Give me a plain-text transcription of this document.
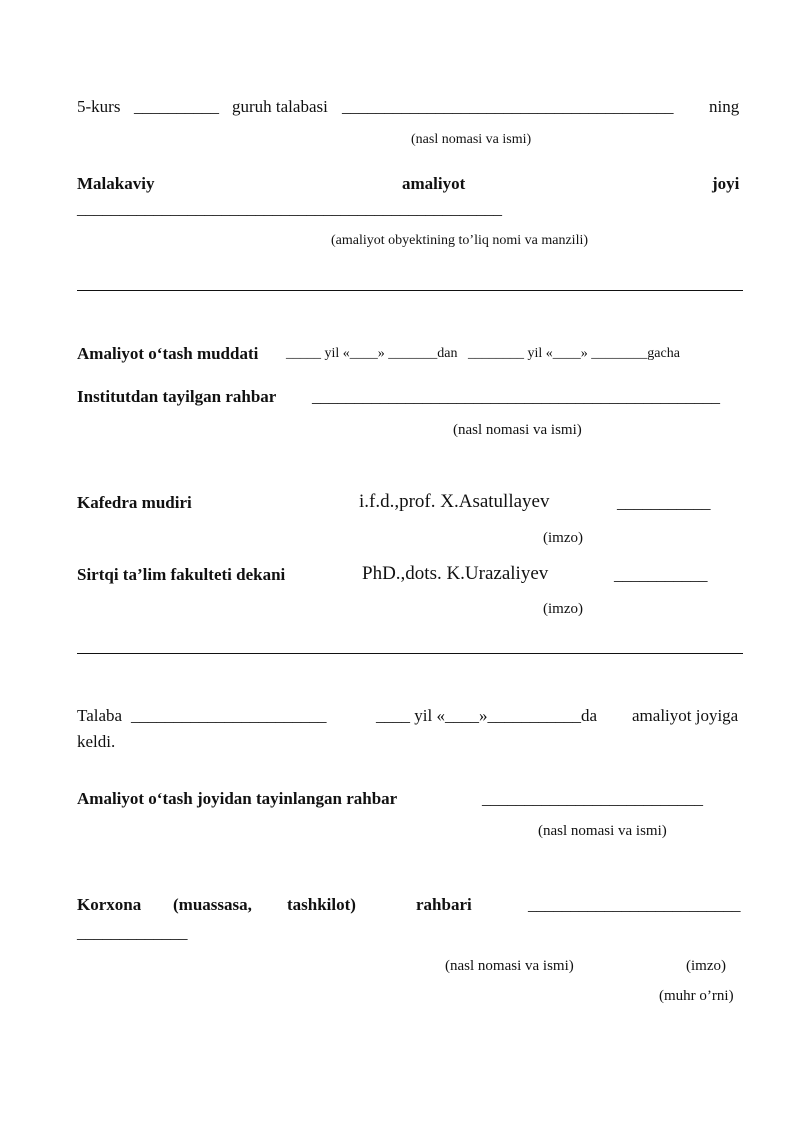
5-kurs __________ guruh talabasi _______________________________________ ning
(nasl nomasi va ismi)
Malakaviy	amaliyot	joyi
__________________________________________________
(amaliyot obyektining to’liq nomi va manzili)
Amaliyot o‘tash muddati _____ yil «____» _______dan   ________ yil «____» ________gacha
Institutdan tayilgan rahbar ________________________________________________
(nasl nomasi va ismi)
Kafedra mudiri	i.f.d.,prof. X.Asatullayev	___________
(imzo)
Sirtqi ta’lim fakulteti dekani	PhD.,dots. K.Urazaliyev	___________
(imzo)
Talaba _______________________	____ yil «____»___________da amaliyot joyiga
keldi.
Amaliyot o‘tash joyidan tayinlangan rahbar	__________________________
(nasl nomasi va ismi)
Korxona (muassasa, tashkilot)	rahbari	_________________________
_____________
(nasl nomasi va ismi)	(imzo)
(muhr o’rni)
